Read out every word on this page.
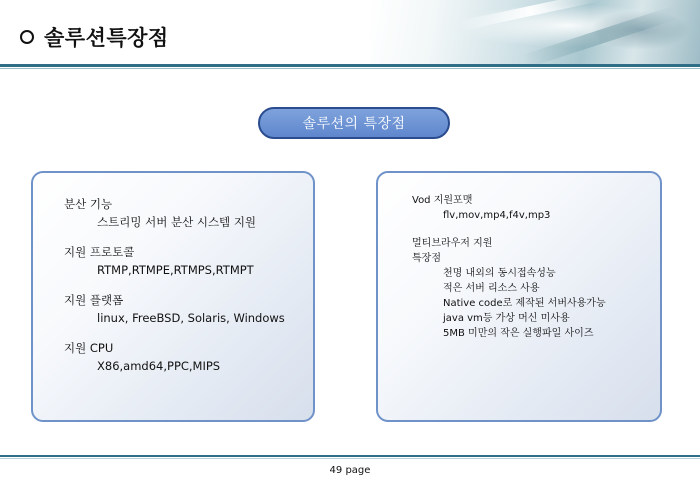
솔루션특장점
솔루션의 특장점
분산 기능
스트리밍 서버 분산 시스템 지원
지원 프로토콜
RTMP,RTMPE,RTMPS,RTMPT
지원 플랫폼
linux, FreeBSD, Solaris, Windows
지원 CPU
X86,amd64,PPC,MIPS
Vod 지원포맷
flv,mov,mp4,f4v,mp3
멀티브라우저 지원
특장점
천명 내외의 동시접속성능
적은 서버 리소스 사용
Native code로 제작된 서버사용가능
java vm등 가상 머신 미사용
5MB 미만의 작은 실행파일 사이즈
49 page
